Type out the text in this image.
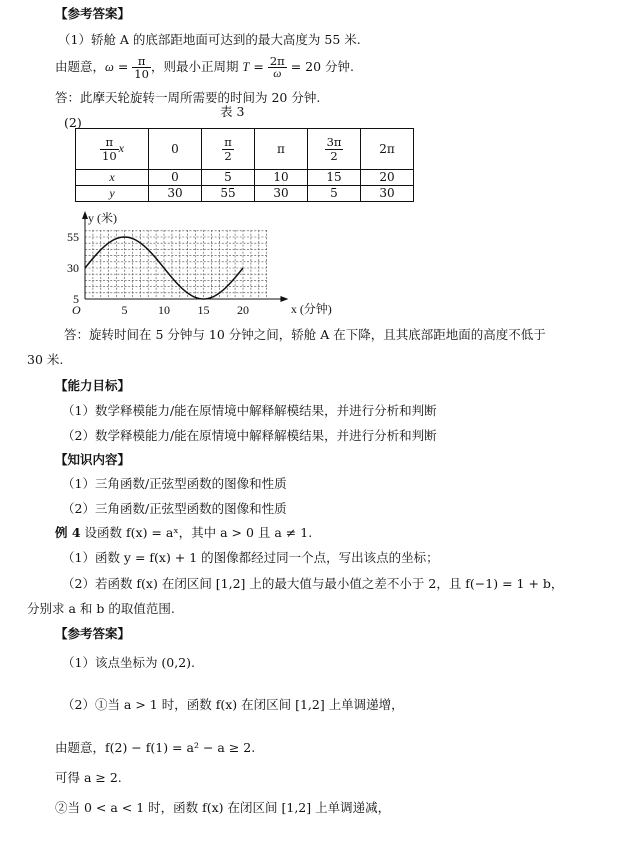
【参考答案】
（1）轿舱 A 的底部距地面可达到的最大高度为 55 米.
由题意，$\omega = \frac{\pi}{10}$ ，则最小正周期 $T = \frac{2\pi}{\omega} = 20$ 分钟.
答：此摩天轮旋转一周所需要的时间为 20 分钟.
表 3
(2)
$\frac{\pi}{10}$ x	0	$\frac{\pi}{2}$	π	$\frac{3\pi}{2}$	2π
x	0	5	10	15	20
y	30	55	30	5	30
y (米)
x (分钟)
O	5	10 15 20
5
30
55
答：旋转时间在 5 分钟与 10 分钟之间，轿舱 A 在下降，且其底部距地面的高度不低于
30 米.
【能力目标】
（1）数学释模能力/能在原情境中解释解模结果，并进行分析和判断
（2）数学释模能力/能在原情境中解释解模结果，并进行分析和判断
【知识内容】
（1）三角函数/正弦型函数的图像和性质
（2）三角函数/正弦型函数的图像和性质
例 4 设函数 f(x) = aˣ，其中 a > 0 且 a ≠ 1.
（1）函数 y = f(x) + 1 的图像都经过同一个点，写出该点的坐标；
（2）若函数 f(x) 在闭区间 [1,2] 上的最大值与最小值之差不小于 2，且 f(−1) = 1 + b，
分别求 a 和 b 的取值范围.
【参考答案】
（1）该点坐标为 (0,2).
（2）①当 a > 1 时，函数 f(x) 在闭区间 [1,2] 上单调递增，
由题意，f(2) − f(1) = a² − a ≥ 2.
可得 a ≥ 2.
②当 0 < a < 1 时，函数 f(x) 在闭区间 [1,2] 上单调递减，
